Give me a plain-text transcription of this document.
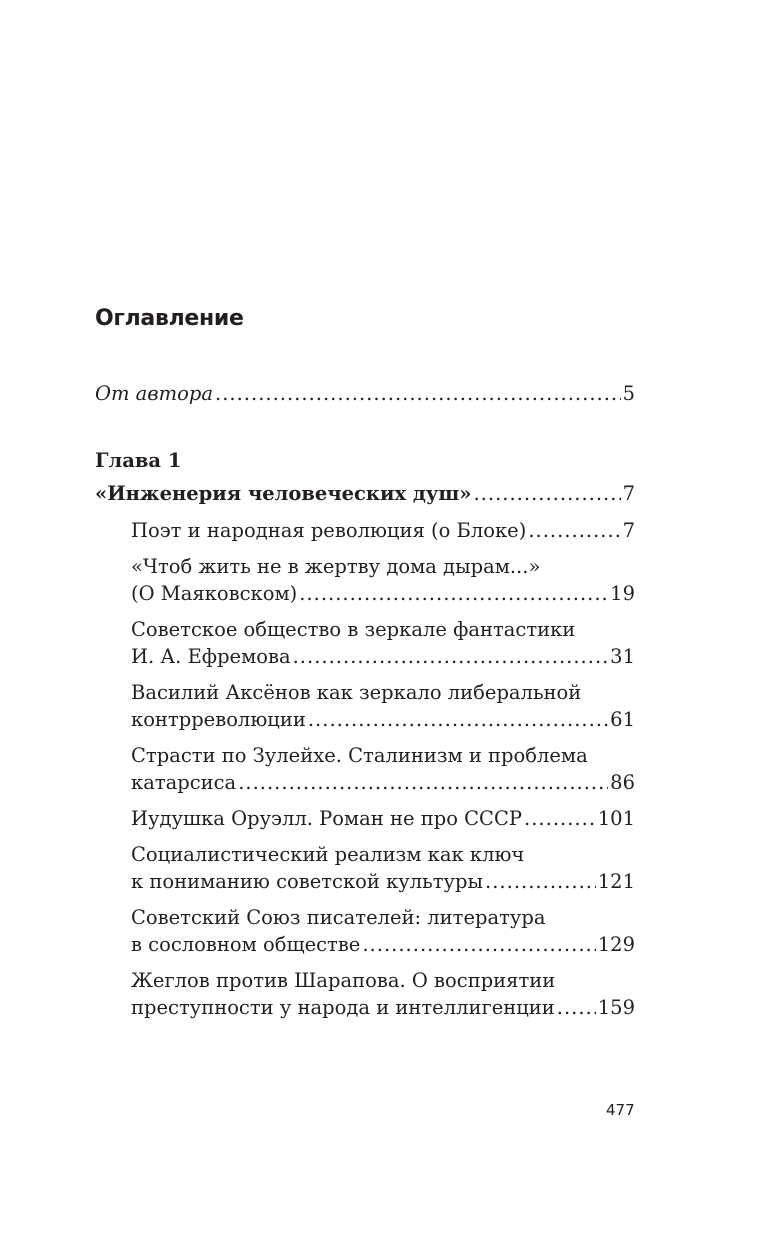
Оглавление
От автора .....	5
Глава 1
«Инженерия человеческих душ» .....	7
Поэт и народная революция (о Блоке) .....	7
«Чтоб жить не в жертву дома дырам...»
(О Маяковском) .....	19
Советское общество в зеркале фантастики
И. А. Ефремова .....	31
Василий Аксёнов как зеркало либеральной
контрреволюции .....	61
Страсти по Зулейхе. Сталинизм и проблема
катарсиса .....	86
Иудушка Оруэлл. Роман не про СССР .....	101
Социалистический реализм как ключ
к пониманию советской культуры .....	121
Советский Союз писателей: литература
в сословном обществе .....	129
Жеглов против Шарапова. О восприятии
преступности у народа и интеллигенции ..... 159
477
